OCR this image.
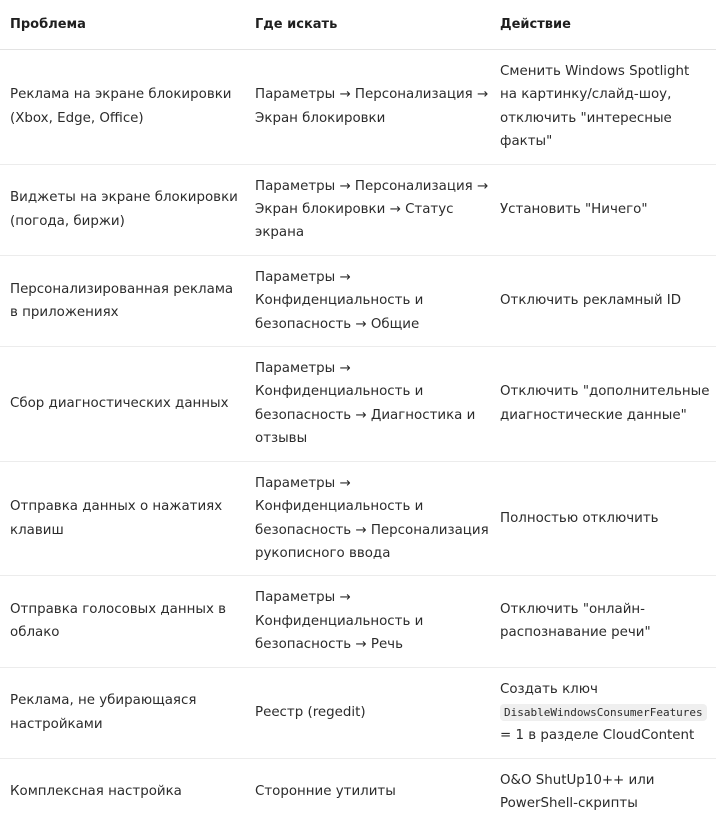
Проблема	Где искать	Действие
Реклама на экране блокировки (Xbox, Edge, Office)	Параметры → Персонализация → Экран блокировки	Сменить Windows Spotlight на картинку/слайд-шоу, отключить "интересные факты"
Виджеты на экране блокировки (погода, биржи)	Параметры → Персонализация → Экран блокировки → Статус экрана	Установить "Ничего"
Персонализированная реклама в приложениях	Параметры → Конфиденциальность и безопасность → Общие	Отключить рекламный ID
Сбор диагностических данных	Параметры → Конфиденциальность и безопасность → Диагностика и отзывы	Отключить "дополнительные диагностические данные"
Отправка данных о нажатиях клавиш	Параметры → Конфиденциальность и безопасность → Персонализация рукописного ввода	Полностью отключить
Отправка голосовых данных в облако	Параметры → Конфиденциальность и безопасность → Речь	Отключить "онлайн-распознавание речи"
Реклама, не убирающаяся настройками	Реестр (regedit)	Создать ключ
DisableWindowsConsumerFeatures
= 1 в разделе CloudContent
Комплексная настройка	Сторонние утилиты	O&O ShutUp10++ или PowerShell-скрипты
